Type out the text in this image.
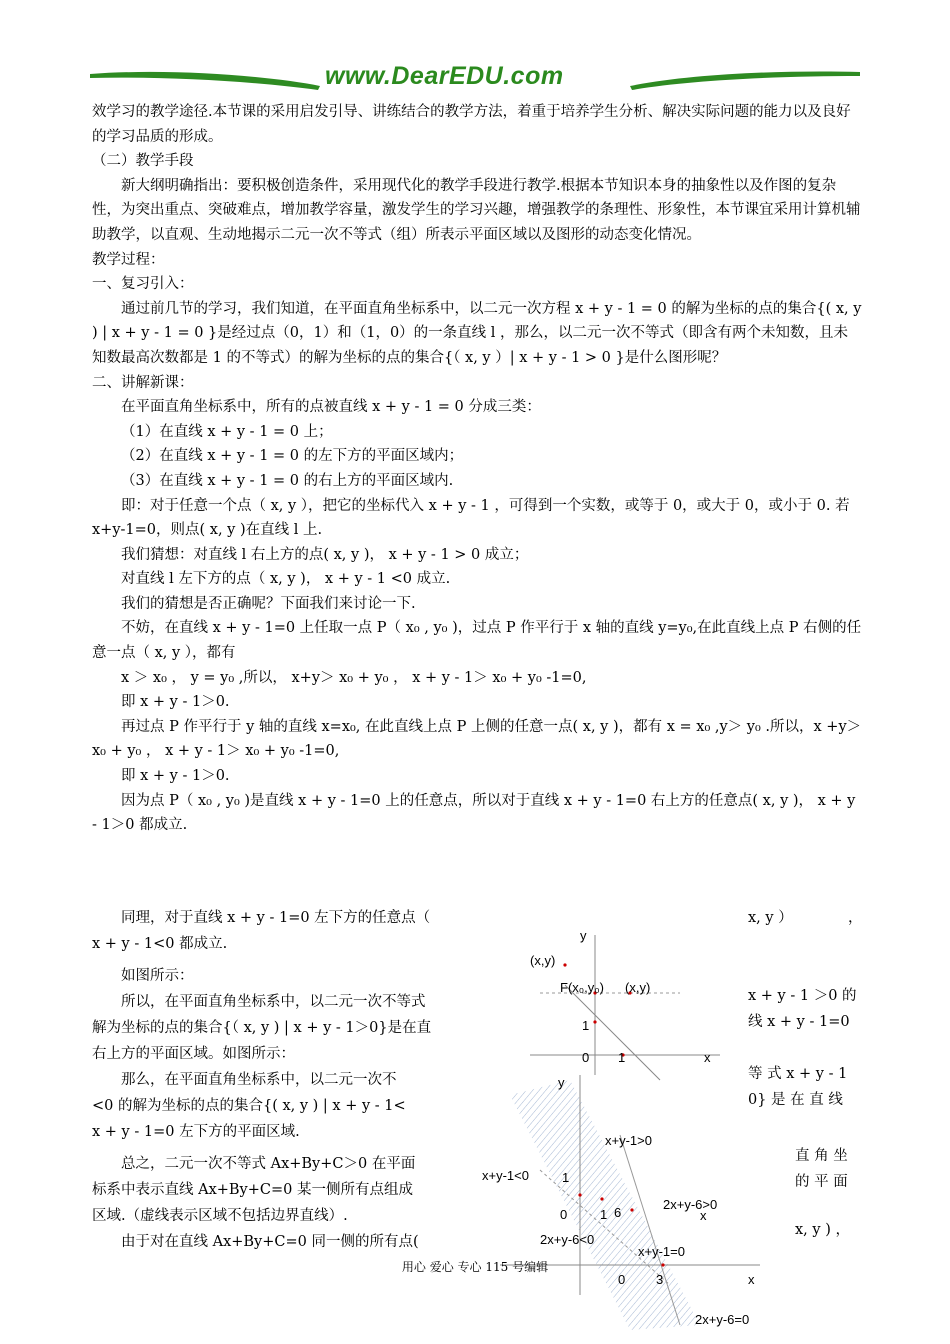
www.DearEDU.com

效学习的教学途径.本节课的采用启发引导、讲练结合的教学方法，着重于培养学生分析、解决实际问题的能力以及良好的学习品质的形成。

（二）教学手段

新大纲明确指出：要积极创造条件，采用现代化的教学手段进行教学.根据本节知识本身的抽象性以及作图的复杂性，为突出重点、突破难点，增加教学容量，激发学生的学习兴趣，增强教学的条理性、形象性，本节课宜采用计算机辅助教学，以直观、生动地揭示二元一次不等式（组）所表示平面区域以及图形的动态变化情况。

教学过程：

一、复习引入：

通过前几节的学习，我们知道，在平面直角坐标系中，以二元一次方程 x + y - 1 = 0 的解为坐标的点的集合{( x, y ) | x + y - 1 = 0 }是经过点（0，1）和（1，0）的一条直线 l ，那么，以二元一次不等式（即含有两个未知数，且未知数最高次数都是 1 的不等式）的解为坐标的点的集合{（ x, y ）| x + y - 1 > 0 }是什么图形呢？

二、讲解新课：

在平面直角坐标系中，所有的点被直线 x + y - 1 = 0 分成三类：

（1）在直线 x + y - 1 = 0 上；

（2）在直线 x + y - 1 = 0 的左下方的平面区域内；

（3）在直线 x + y - 1 = 0 的右上方的平面区域内.

即：对于任意一个点（ x, y ），把它的坐标代入 x + y - 1 ，可得到一个实数，或等于 0，或大于 0，或小于 0. 若 x+y-1=0，则点( x, y )在直线 l 上.

我们猜想：对直线 l 右上方的点( x, y )， x + y - 1 > 0 成立；

对直线 l 左下方的点（ x, y )， x + y - 1 <0 成立.

我们的猜想是否正确呢？下面我们来讨论一下.

不妨，在直线 x + y - 1=0 上任取一点 P（ x₀ , y₀ )，过点 P 作平行于 x 轴的直线 y=y₀,在此直线上点 P 右侧的任意一点（ x, y ），都有

x ＞ x₀ ， y = y₀ ,所以， x+y＞ x₀ + y₀ ， x + y - 1＞ x₀ + y₀ -1=0,

即 x + y - 1＞0.

再过点 P 作平行于 y 轴的直线 x=x₀, 在此直线上点 P 上侧的任意一点( x, y )，都有 x = x₀ ,y＞ y₀ .所以，x +y＞ x₀ + y₀ ， x + y - 1＞ x₀ + y₀ -1=0,

即 x + y - 1＞0.

因为点 P（ x₀ , y₀ )是直线 x + y - 1=0 上的任意点，所以对于直线 x + y - 1=0 右上方的任意点( x, y )， x + y - 1＞0 都成立.

同理，对于直线 x + y - 1=0 左下方的任意点（
x + y - 1<0 都成立.
如图所示：
所以，在平面直角坐标系中，以二元一次不等式
解为坐标的点的集合{（ x, y ) | x + y - 1＞0}是在直
右上方的平面区域。如图所示：
那么，在平面直角坐标系中，以二元一次不
<0 的解为坐标的点的集合{( x, y ) | x + y - 1<
x + y - 1=0 左下方的平面区域.
总之，二元一次不等式 Ax+By+C＞0 在平面
标系中表示直线 Ax+By+C=0 某一侧所有点组成
区域.（虚线表示区域不包括边界直线）.
由于对在直线 Ax+By+C=0 同一侧的所有点(
x, y ）	，
x + y - 1 ＞0 的
线 x + y - 1=0
等 式 x + y - 1
0} 是 在 直 线
直 角 坐
的 平 面
x, y ) ，
y
(x,y)
F(x₀,y₀) (x,y)
1
0 1	x
y
x+y-1>0
x+y-1<0	1
0	1 6
2x+y-6>0
x
2x+y-6<0
x+y-1=0
0 3	x
2x+y-6=0
用心 爱心 专心 115 号编辑
